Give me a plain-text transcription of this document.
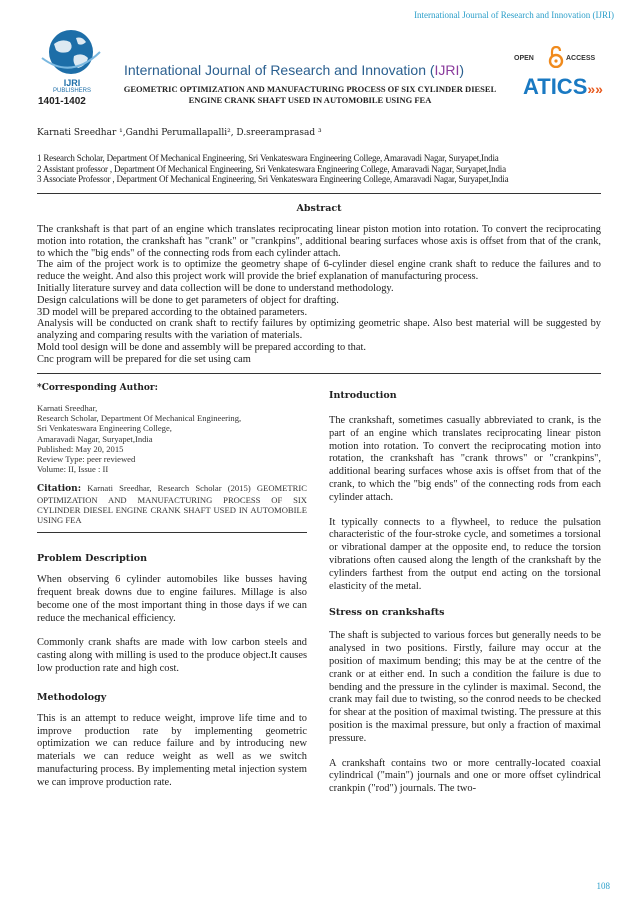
International Journal of Research and Innovation (IJRI)
IJRI
PUBLISHERS
1401-1402
International Journal of Research and Innovation (IJRI)
GEOMETRIC OPTIMIZATION AND MANUFACTURING PROCESS OF SIX CYLINDER DIESEL ENGINE CRANK SHAFT USED IN AUTOMOBILE USING FEA
OPEN	ACCESS
ATICS»»
Karnati Sreedhar ¹,Gandhi Perumallapalli², D.sreeramprasad ³
1 Research Scholar, Department Of Mechanical Engineering, Sri Venkateswara Engineering College, Amaravadi Nagar, Suryapet,India
2 Assistant professor , Department Of Mechanical Engineering, Sri Venkateswara Engineering College, Amaravadi Nagar, Suryapet,India
3 Associate Professor , Department Of Mechanical Engineering, Sri Venkateswara Engineering College, Amaravadi Nagar, Suryapet,India
Abstract

The crankshaft is that part of an engine which translates reciprocating linear piston motion into rotation. To convert the reciprocating motion into rotation, the crankshaft has "crank" or "crankpins", additional bearing surfaces whose axis is offset from that of the crank, to which the "big ends" of the connecting rods from each cylinder attach.

The aim of the project work is to optimize the geometry shape of 6-cylinder diesel engine crank shaft to reduce the failures and to reduce the weight. And also this project work will provide the brief explanation of manufacturing process.

Initially literature survey and data collection will be done to understand methodology.

Design calculations will be done to get parameters of object for drafting.

3D model will be prepared according to the obtained parameters.

Analysis will be conducted on crank shaft to rectify failures by optimizing geometric shape. Also best material will be suggested by analyzing and comparing results with the variation of materials.

Mold tool design will be done and assembly will be prepared according to that.

Cnc program will be prepared for die set using cam

*Corresponding Author:
Karnati Sreedhar,
Research Scholar, Department Of Mechanical Engineering,
Sri Venkateswara Engineering College,
Amaravadi Nagar, Suryapet,India
Published: May 20, 2015
Review Type: peer reviewed
Volume: II, Issue : II
Citation: Karnati Sreedhar, Research Scholar (2015) GEOMETRIC OPTIMIZATION AND MANUFACTURING PROCESS OF SIX CYLINDER DIESEL ENGINE CRANK SHAFT USED IN AUTOMOBILE USING FEA
Problem Description

When observing 6 cylinder automobiles like busses having frequent break downs due to engine failures. Millage is also become one of the most important thing in those days if we can reduce the mechanical efficiency.

Commonly crank shafts are made with low carbon steels and casting along with milling is used to the produce object.It causes low production rate and high cost.

Methodology

This is an attempt to reduce weight, improve life time and to improve production rate by implementing geometric optimization we can reduce failure and by introducing new materials we can reduce weight as well as we switch manufacturing process. By implementing metal injection system we can improve production rate.

Introduction

The crankshaft, sometimes casually abbreviated to crank, is the part of an engine which translates reciprocating linear piston motion into rotation. To convert the reciprocating motion into rotation, the crankshaft has "crank throws" or "crankpins", additional bearing surfaces whose axis is offset from that of the crank, to which the "big ends" of the connecting rods from each cylinder attach.

It typically connects to a flywheel, to reduce the pulsation characteristic of the four-stroke cycle, and sometimes a torsional or vibrational damper at the opposite end, to reduce the torsion vibrations often caused along the length of the crankshaft by the cylinders farthest from the output end acting on the torsional elasticity of the metal.

Stress on crankshafts

The shaft is subjected to various forces but generally needs to be analysed in two positions. Firstly, failure may occur at the position of maximum bending; this may be at the centre of the crank or at either end. In such a condition the failure is due to bending and the pressure in the cylinder is maximal. Second, the crank may fail due to twisting, so the conrod needs to be checked for shear at the position of maximal twisting. The pressure at this position is the maximal pressure, but only a fraction of maximal pressure.

A crankshaft contains two or more centrally-located coaxial cylindrical ("main") journals and one or more offset cylindrical crankpin ("rod") journals. The two-

108
